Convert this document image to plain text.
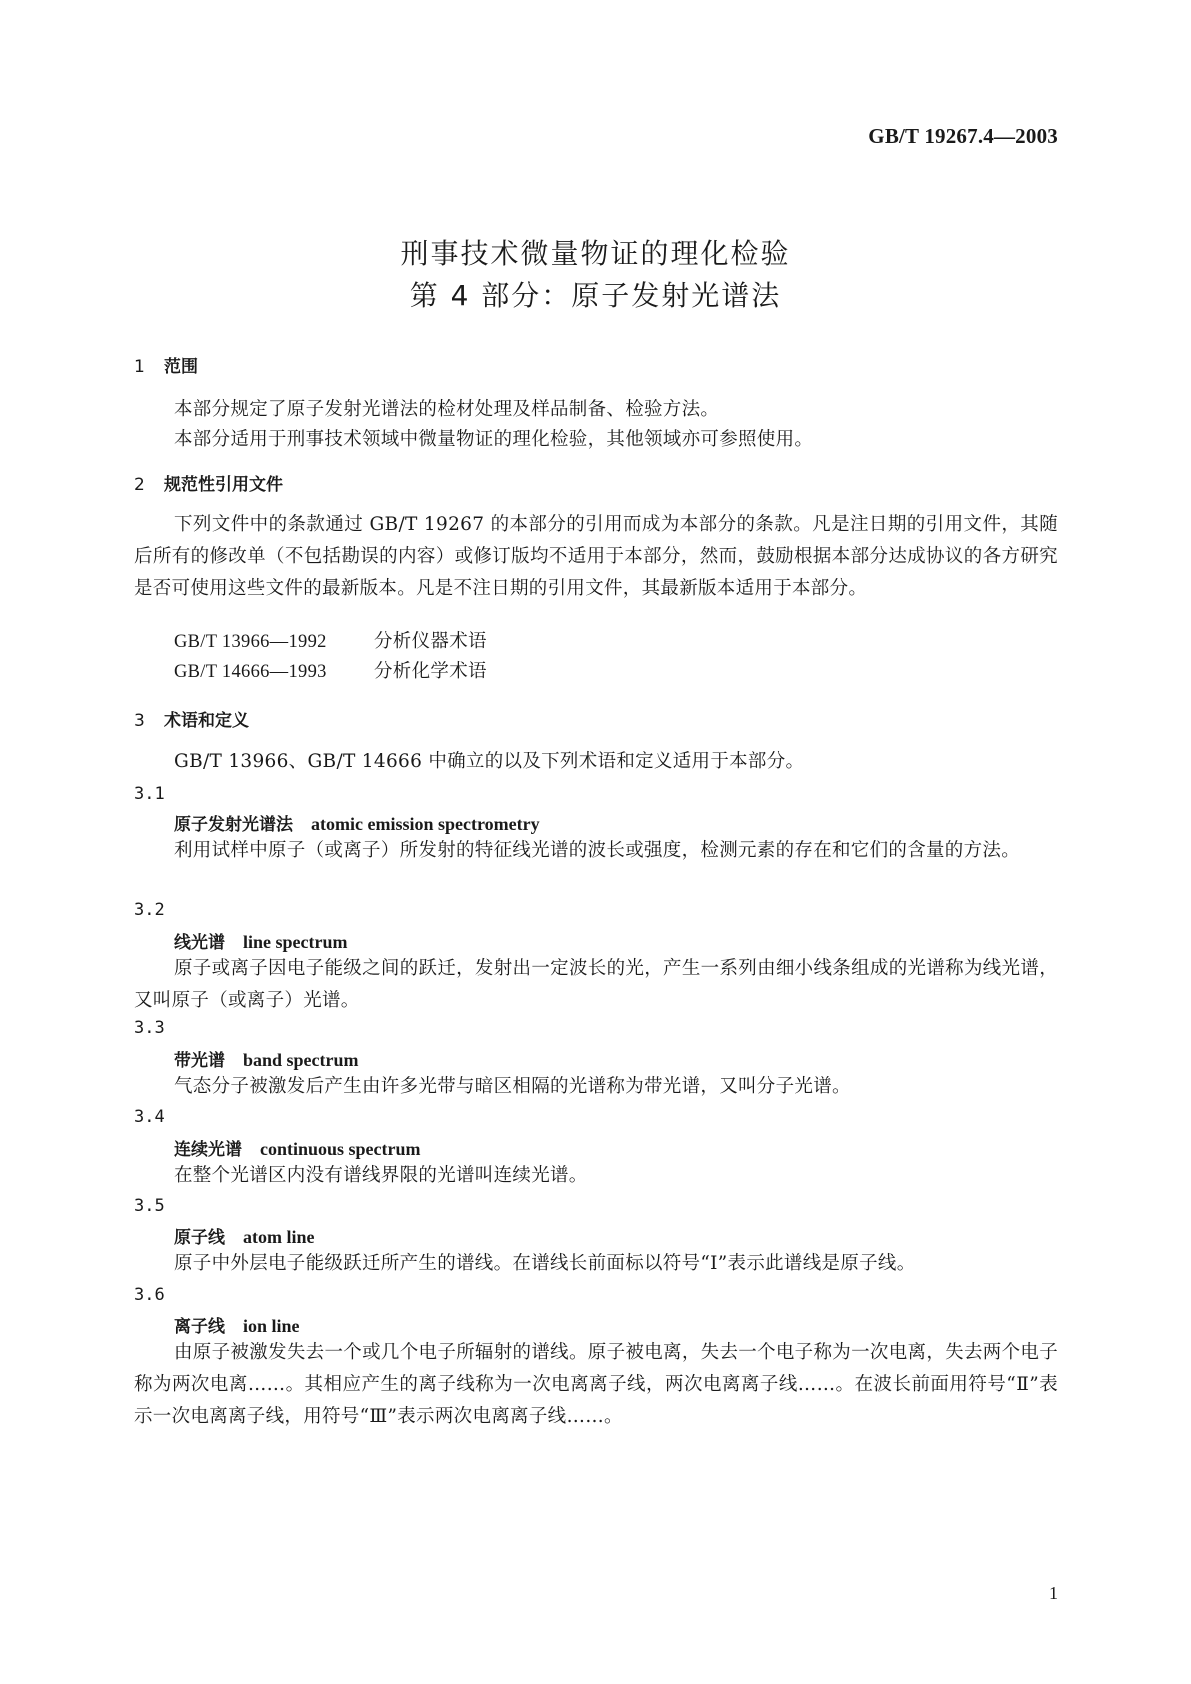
GB/T 19267.4—2003
刑事技术微量物证的理化检验
第 4 部分：原子发射光谱法
1 范围
本部分规定了原子发射光谱法的检材处理及样品制备、检验方法。
本部分适用于刑事技术领域中微量物证的理化检验，其他领域亦可参照使用。
2 规范性引用文件
下列文件中的条款通过 GB/T 19267 的本部分的引用而成为本部分的条款。凡是注日期的引用文件，其随后所有的修改单（不包括勘误的内容）或修订版均不适用于本部分，然而，鼓励根据本部分达成协议的各方研究是否可使用这些文件的最新版本。凡是不注日期的引用文件，其最新版本适用于本部分。
GB/T 13966—1992	分析仪器术语
GB/T 14666—1993	分析化学术语
3 术语和定义
GB/T 13966、GB/T 14666 中确立的以及下列术语和定义适用于本部分。
3.1
原子发射光谱法 atomic emission spectrometry
利用试样中原子（或离子）所发射的特征线光谱的波长或强度，检测元素的存在和它们的含量的方法。
3.2
线光谱 line spectrum
原子或离子因电子能级之间的跃迁，发射出一定波长的光，产生一系列由细小线条组成的光谱称为线光谱，又叫原子（或离子）光谱。
3.3
带光谱 band spectrum
气态分子被激发后产生由许多光带与暗区相隔的光谱称为带光谱，又叫分子光谱。
3.4
连续光谱 continuous spectrum
在整个光谱区内没有谱线界限的光谱叫连续光谱。
3.5
原子线 atom line
原子中外层电子能级跃迁所产生的谱线。在谱线长前面标以符号“Ⅰ”表示此谱线是原子线。
3.6
离子线 ion line
由原子被激发失去一个或几个电子所辐射的谱线。原子被电离，失去一个电子称为一次电离，失去两个电子称为两次电离……。其相应产生的离子线称为一次电离离子线，两次电离离子线……。在波长前面用符号“Ⅱ”表示一次电离离子线，用符号“Ⅲ”表示两次电离离子线……。
1
